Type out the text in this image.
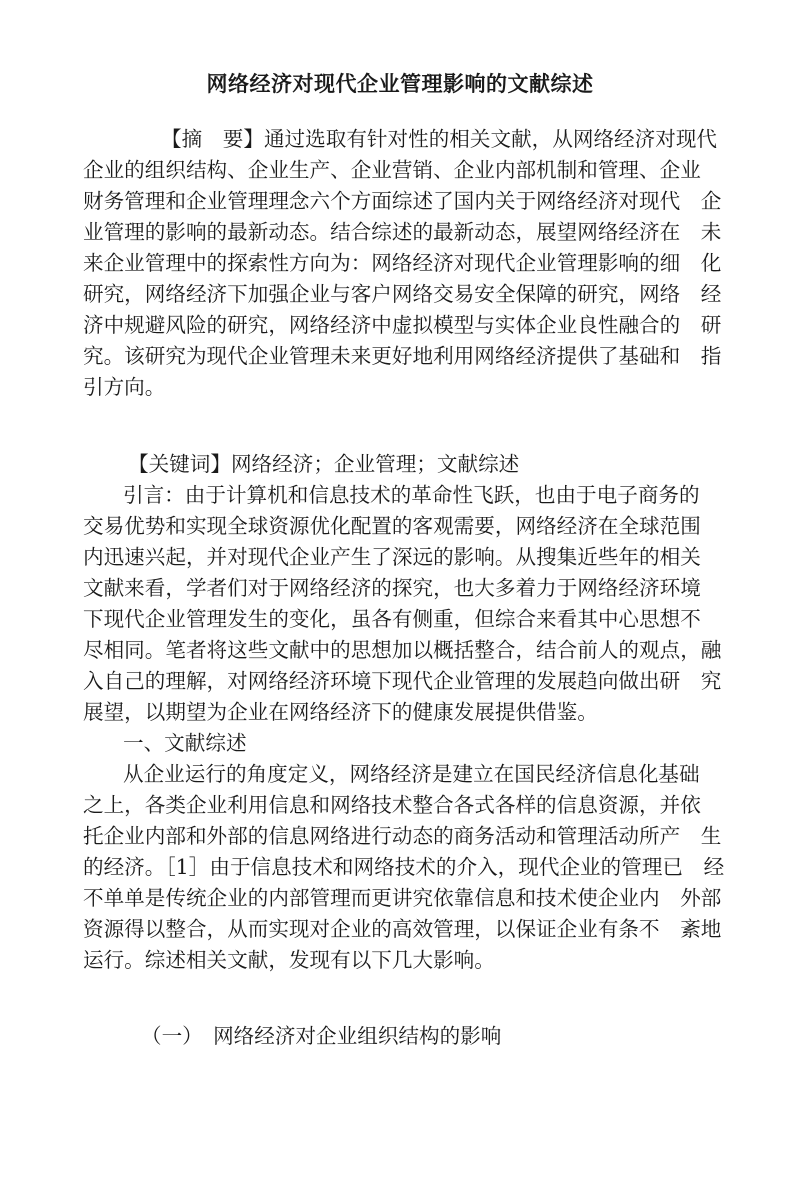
网络经济对现代企业管理影响的文献综述
【摘　要】通过选取有针对性的相关文献，从网络经济对现代
企业的组织结构、企业生产、企业营销、企业内部机制和管理、企业
财务管理和企业管理理念六个方面综述了国内关于网络经济对现代　企
业管理的影响的最新动态。结合综述的最新动态，展望网络经济在　未
来企业管理中的探索性方向为：网络经济对现代企业管理影响的细　化
研究，网络经济下加强企业与客户网络交易安全保障的研究，网络　经
济中规避风险的研究，网络经济中虚拟模型与实体企业良性融合的　研
究。该研究为现代企业管理未来更好地利用网络经济提供了基础和　指
引方向。
【关键词】网络经济；企业管理；文献综述
引言：由于计算机和信息技术的革命性飞跃，也由于电子商务的
交易优势和实现全球资源优化配置的客观需要，网络经济在全球范围
内迅速兴起，并对现代企业产生了深远的影响。从搜集近些年的相关
文献来看，学者们对于网络经济的探究，也大多着力于网络经济环境
下现代企业管理发生的变化，虽各有侧重，但综合来看其中心思想不
尽相同。笔者将这些文献中的思想加以概括整合，结合前人的观点，融
入自己的理解，对网络经济环境下现代企业管理的发展趋向做出研　究
展望，以期望为企业在网络经济下的健康发展提供借鉴。
一、文献综述
从企业运行的角度定义，网络经济是建立在国民经济信息化基础
之上，各类企业利用信息和网络技术整合各式各样的信息资源，并依
托企业内部和外部的信息网络进行动态的商务活动和管理活动所产　生
的经济。［1］由于信息技术和网络技术的介入，现代企业的管理已　经
不单单是传统企业的内部管理而更讲究依靠信息和技术使企业内　外部
资源得以整合，从而实现对企业的高效管理，以保证企业有条不　紊地
运行。综述相关文献，发现有以下几大影响。
（一）　网络经济对企业组织结构的影响
